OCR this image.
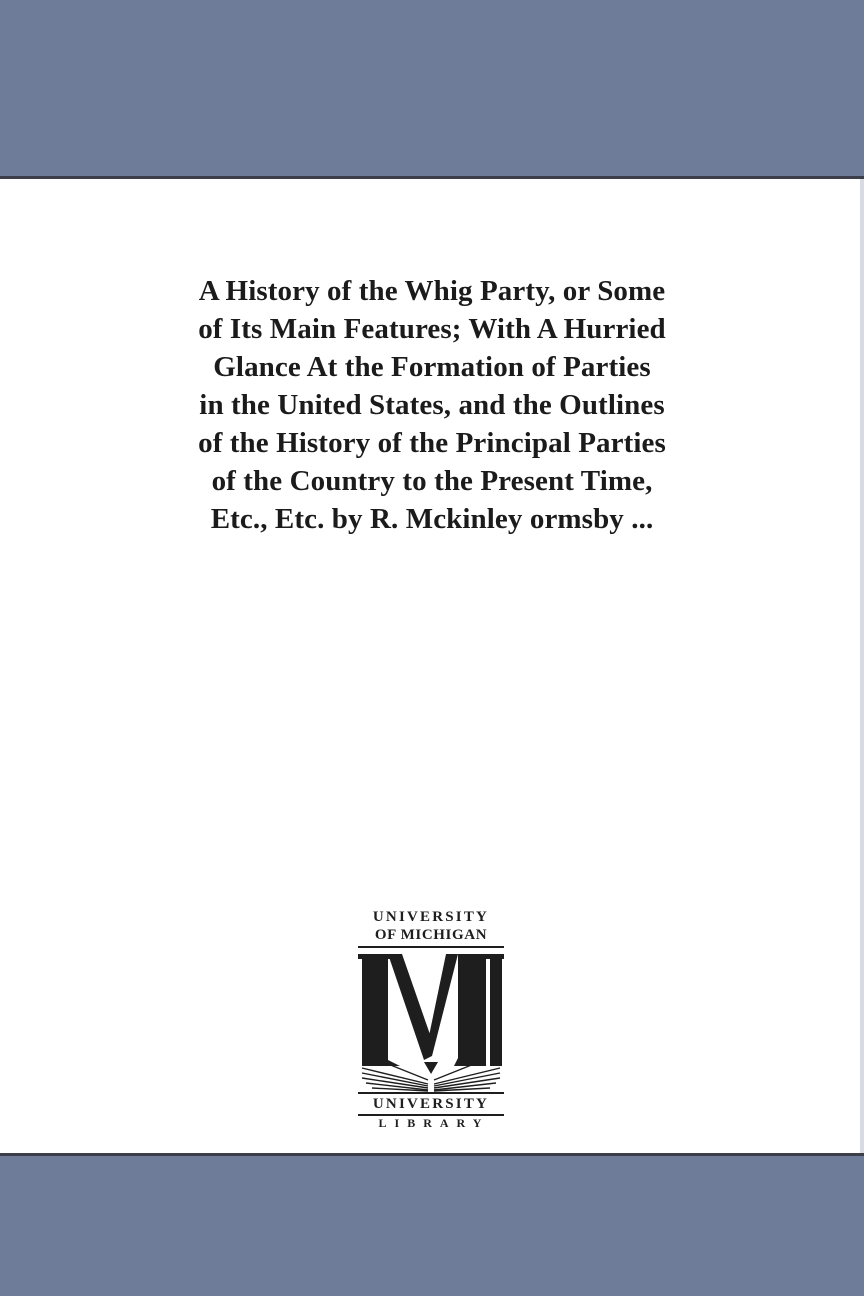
A History of the Whig Party, or Some
of Its Main Features; With A Hurried
Glance At the Formation of Parties
in the United States, and the Outlines
of the History of the Principal Parties
of the Country to the Present Time,
Etc., Etc. by R. Mckinley ormsby ...
UNIVERSITY
OF MICHIGAN
UNIVERSITY
LIBRARY
